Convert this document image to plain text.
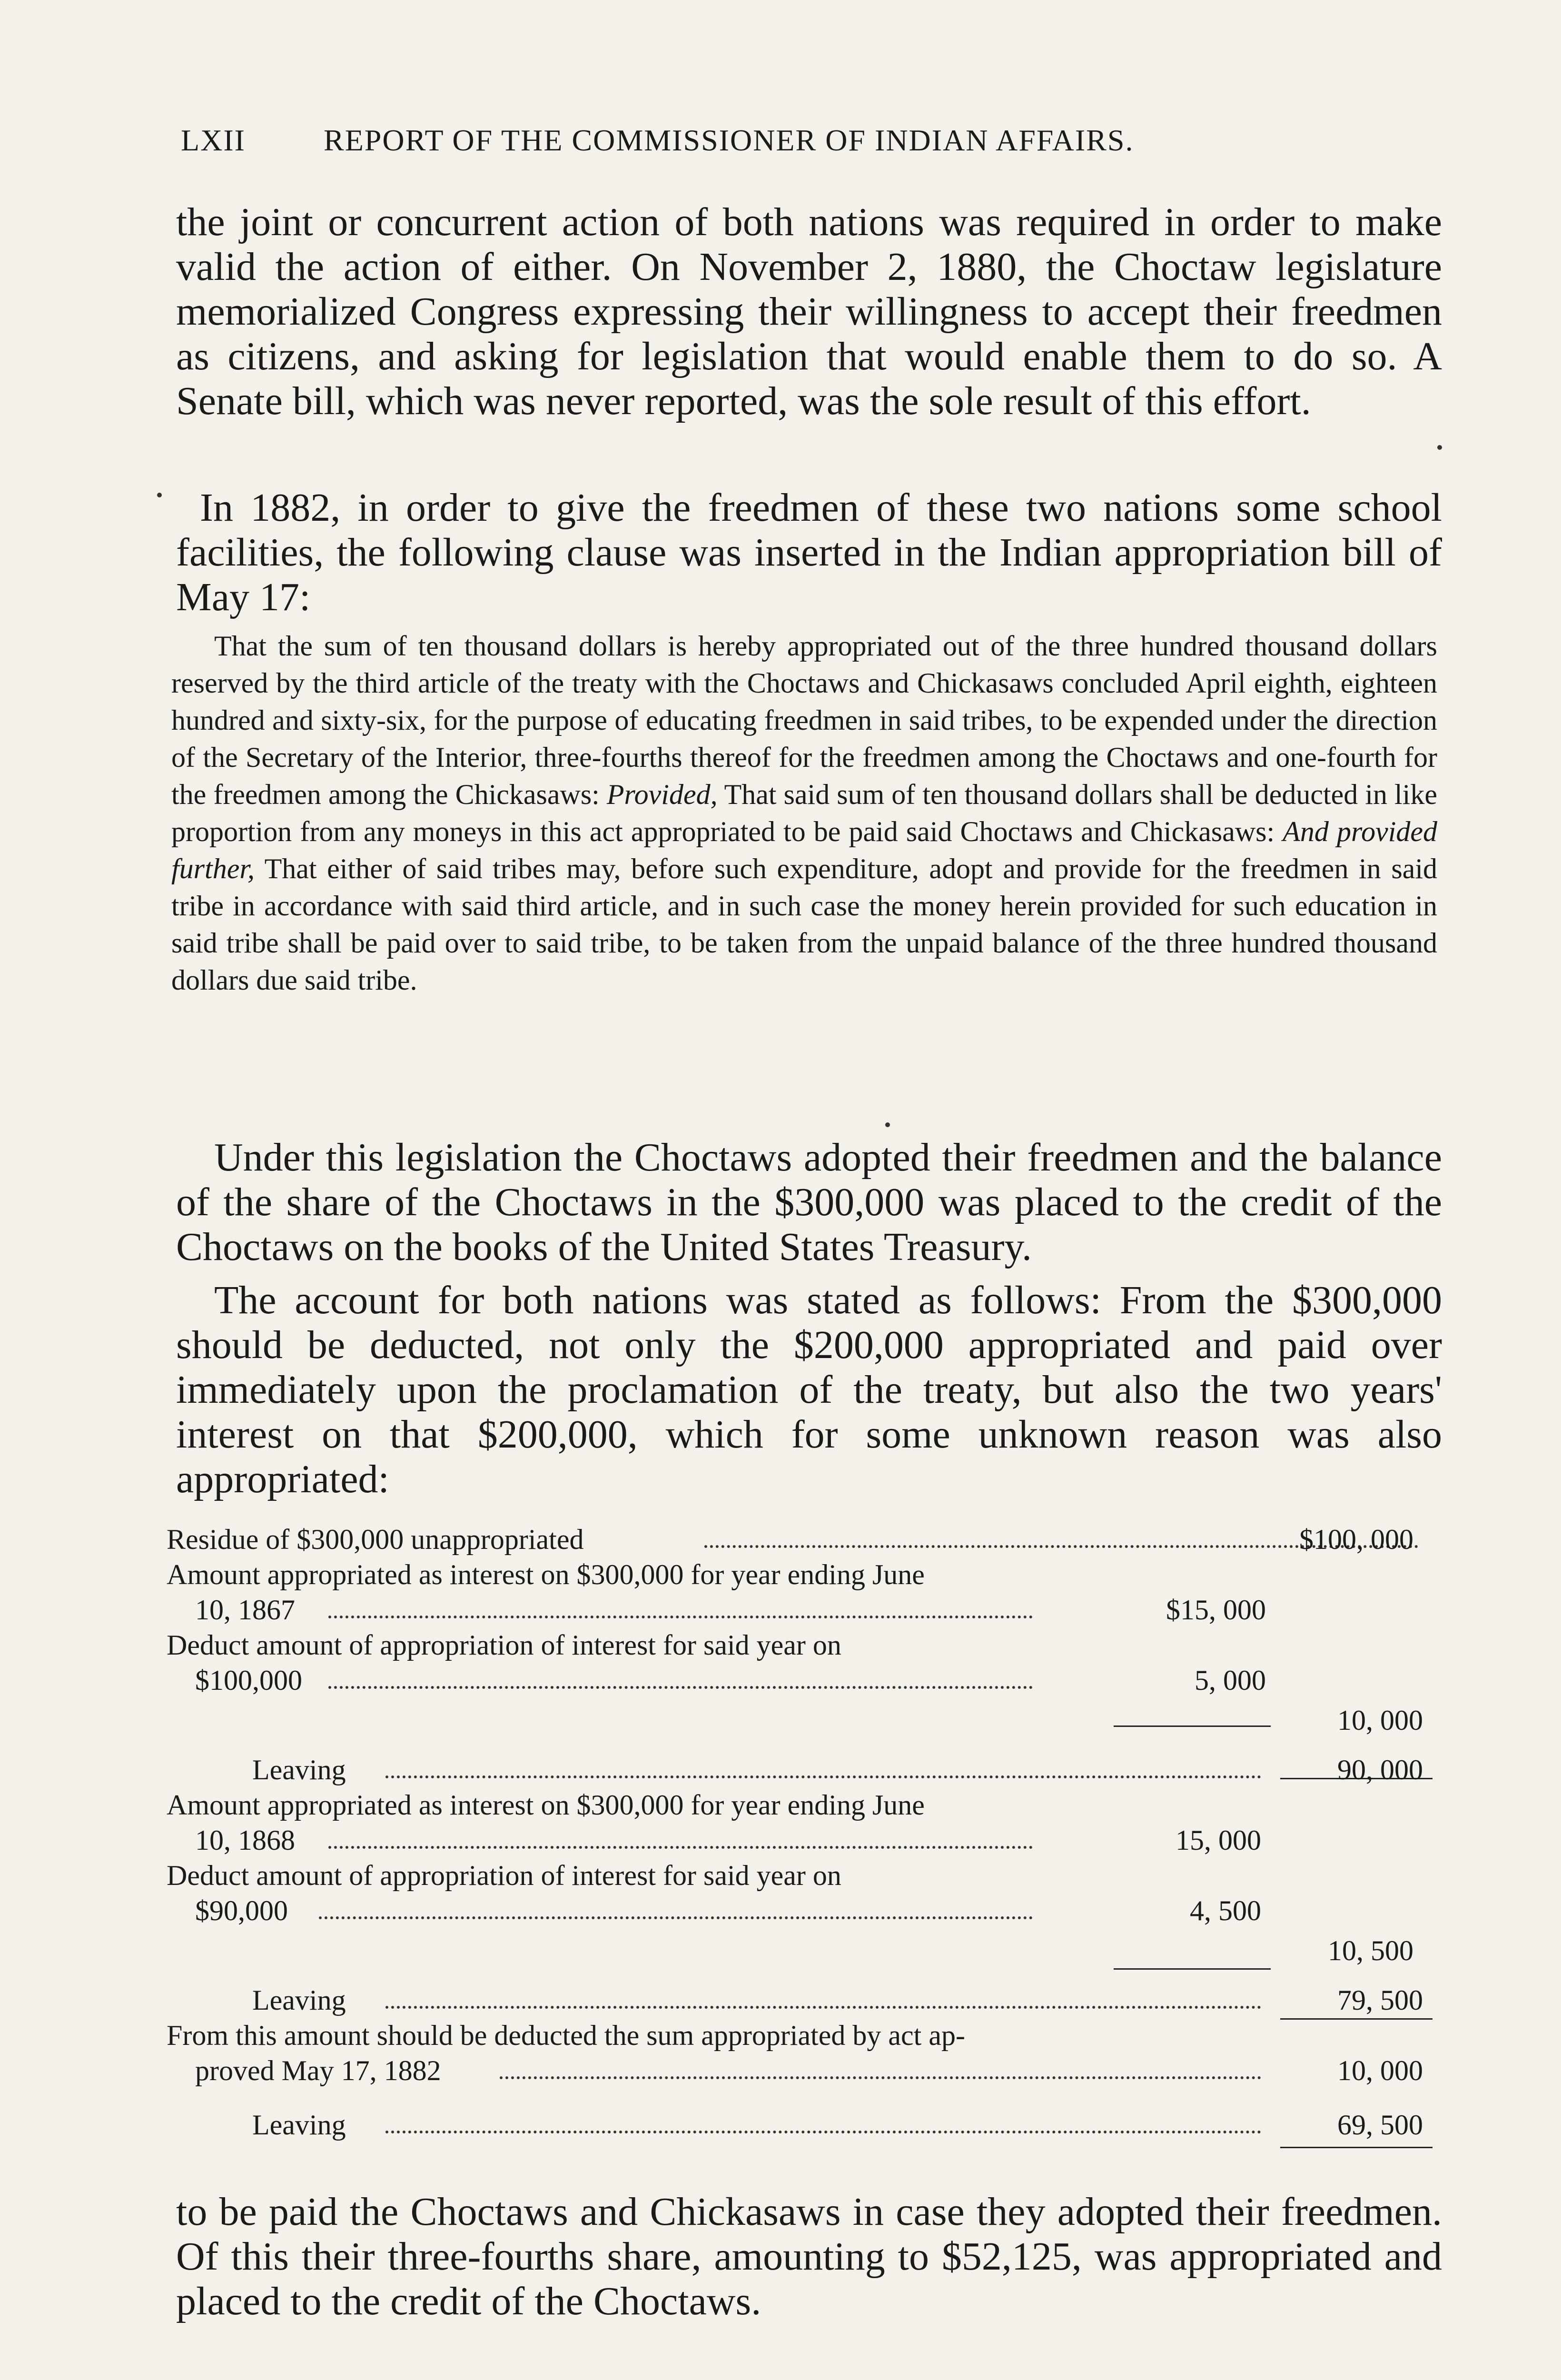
LXII	REPORT OF THE COMMISSIONER OF INDIAN AFFAIRS.
the joint or concurrent action of both nations was required in order to make valid the action of either. On November 2, 1880, the Choctaw legislature memorialized Congress expressing their willingness to accept their freedmen as citizens, and asking for legislation that would enable them to do so. A Senate bill, which was never reported, was the sole result of this effort.
In 1882, in order to give the freedmen of these two nations some school facilities, the following clause was inserted in the Indian appropriation bill of May 17:
That the sum of ten thousand dollars is hereby appropriated out of the three hundred thousand dollars reserved by the third article of the treaty with the Choctaws and Chickasaws concluded April eighth, eighteen hundred and sixty-six, for the purpose of educating freedmen in said tribes, to be expended under the direction of the Secretary of the Interior, three-fourths thereof for the freedmen among the Choctaws and one-fourth for the freedmen among the Chickasaws: Provided, That said sum of ten thousand dollars shall be deducted in like proportion from any moneys in this act appropriated to be paid said Choctaws and Chickasaws: And provided further, That either of said tribes may, before such expenditure, adopt and provide for the freedmen in said tribe in accordance with said third article, and in such case the money herein provided for such education in said tribe shall be paid over to said tribe, to be taken from the unpaid balance of the three hundred thousand dollars due said tribe.
Under this legislation the Choctaws adopted their freedmen and the balance of the share of the Choctaws in the $300,000 was placed to the credit of the Choctaws on the books of the United States Treasury.
The account for both nations was stated as follows: From the $300,000 should be deducted, not only the $200,000 appropriated and paid over immediately upon the proclamation of the treaty, but also the two years' interest on that $200,000, which for some unknown reason was also appropriated:
Residue of $300,000 unappropriated	$100, 000
Amount appropriated as interest on $300,000 for year ending June
10, 1867	$15, 000
Deduct amount of appropriation of interest for said year on
$100,000	5, 000
10, 000
Leaving	90, 000
Amount appropriated as interest on $300,000 for year ending June
10, 1868	15, 000
Deduct amount of appropriation of interest for said year on
$90,000	4, 500
10, 500
Leaving	79, 500
From this amount should be deducted the sum appropriated by act ap-
proved May 17, 1882	10, 000
Leaving	69, 500
to be paid the Choctaws and Chickasaws in case they adopted their freedmen. Of this their three-fourths share, amounting to $52,125, was appropriated and placed to the credit of the Choctaws.
